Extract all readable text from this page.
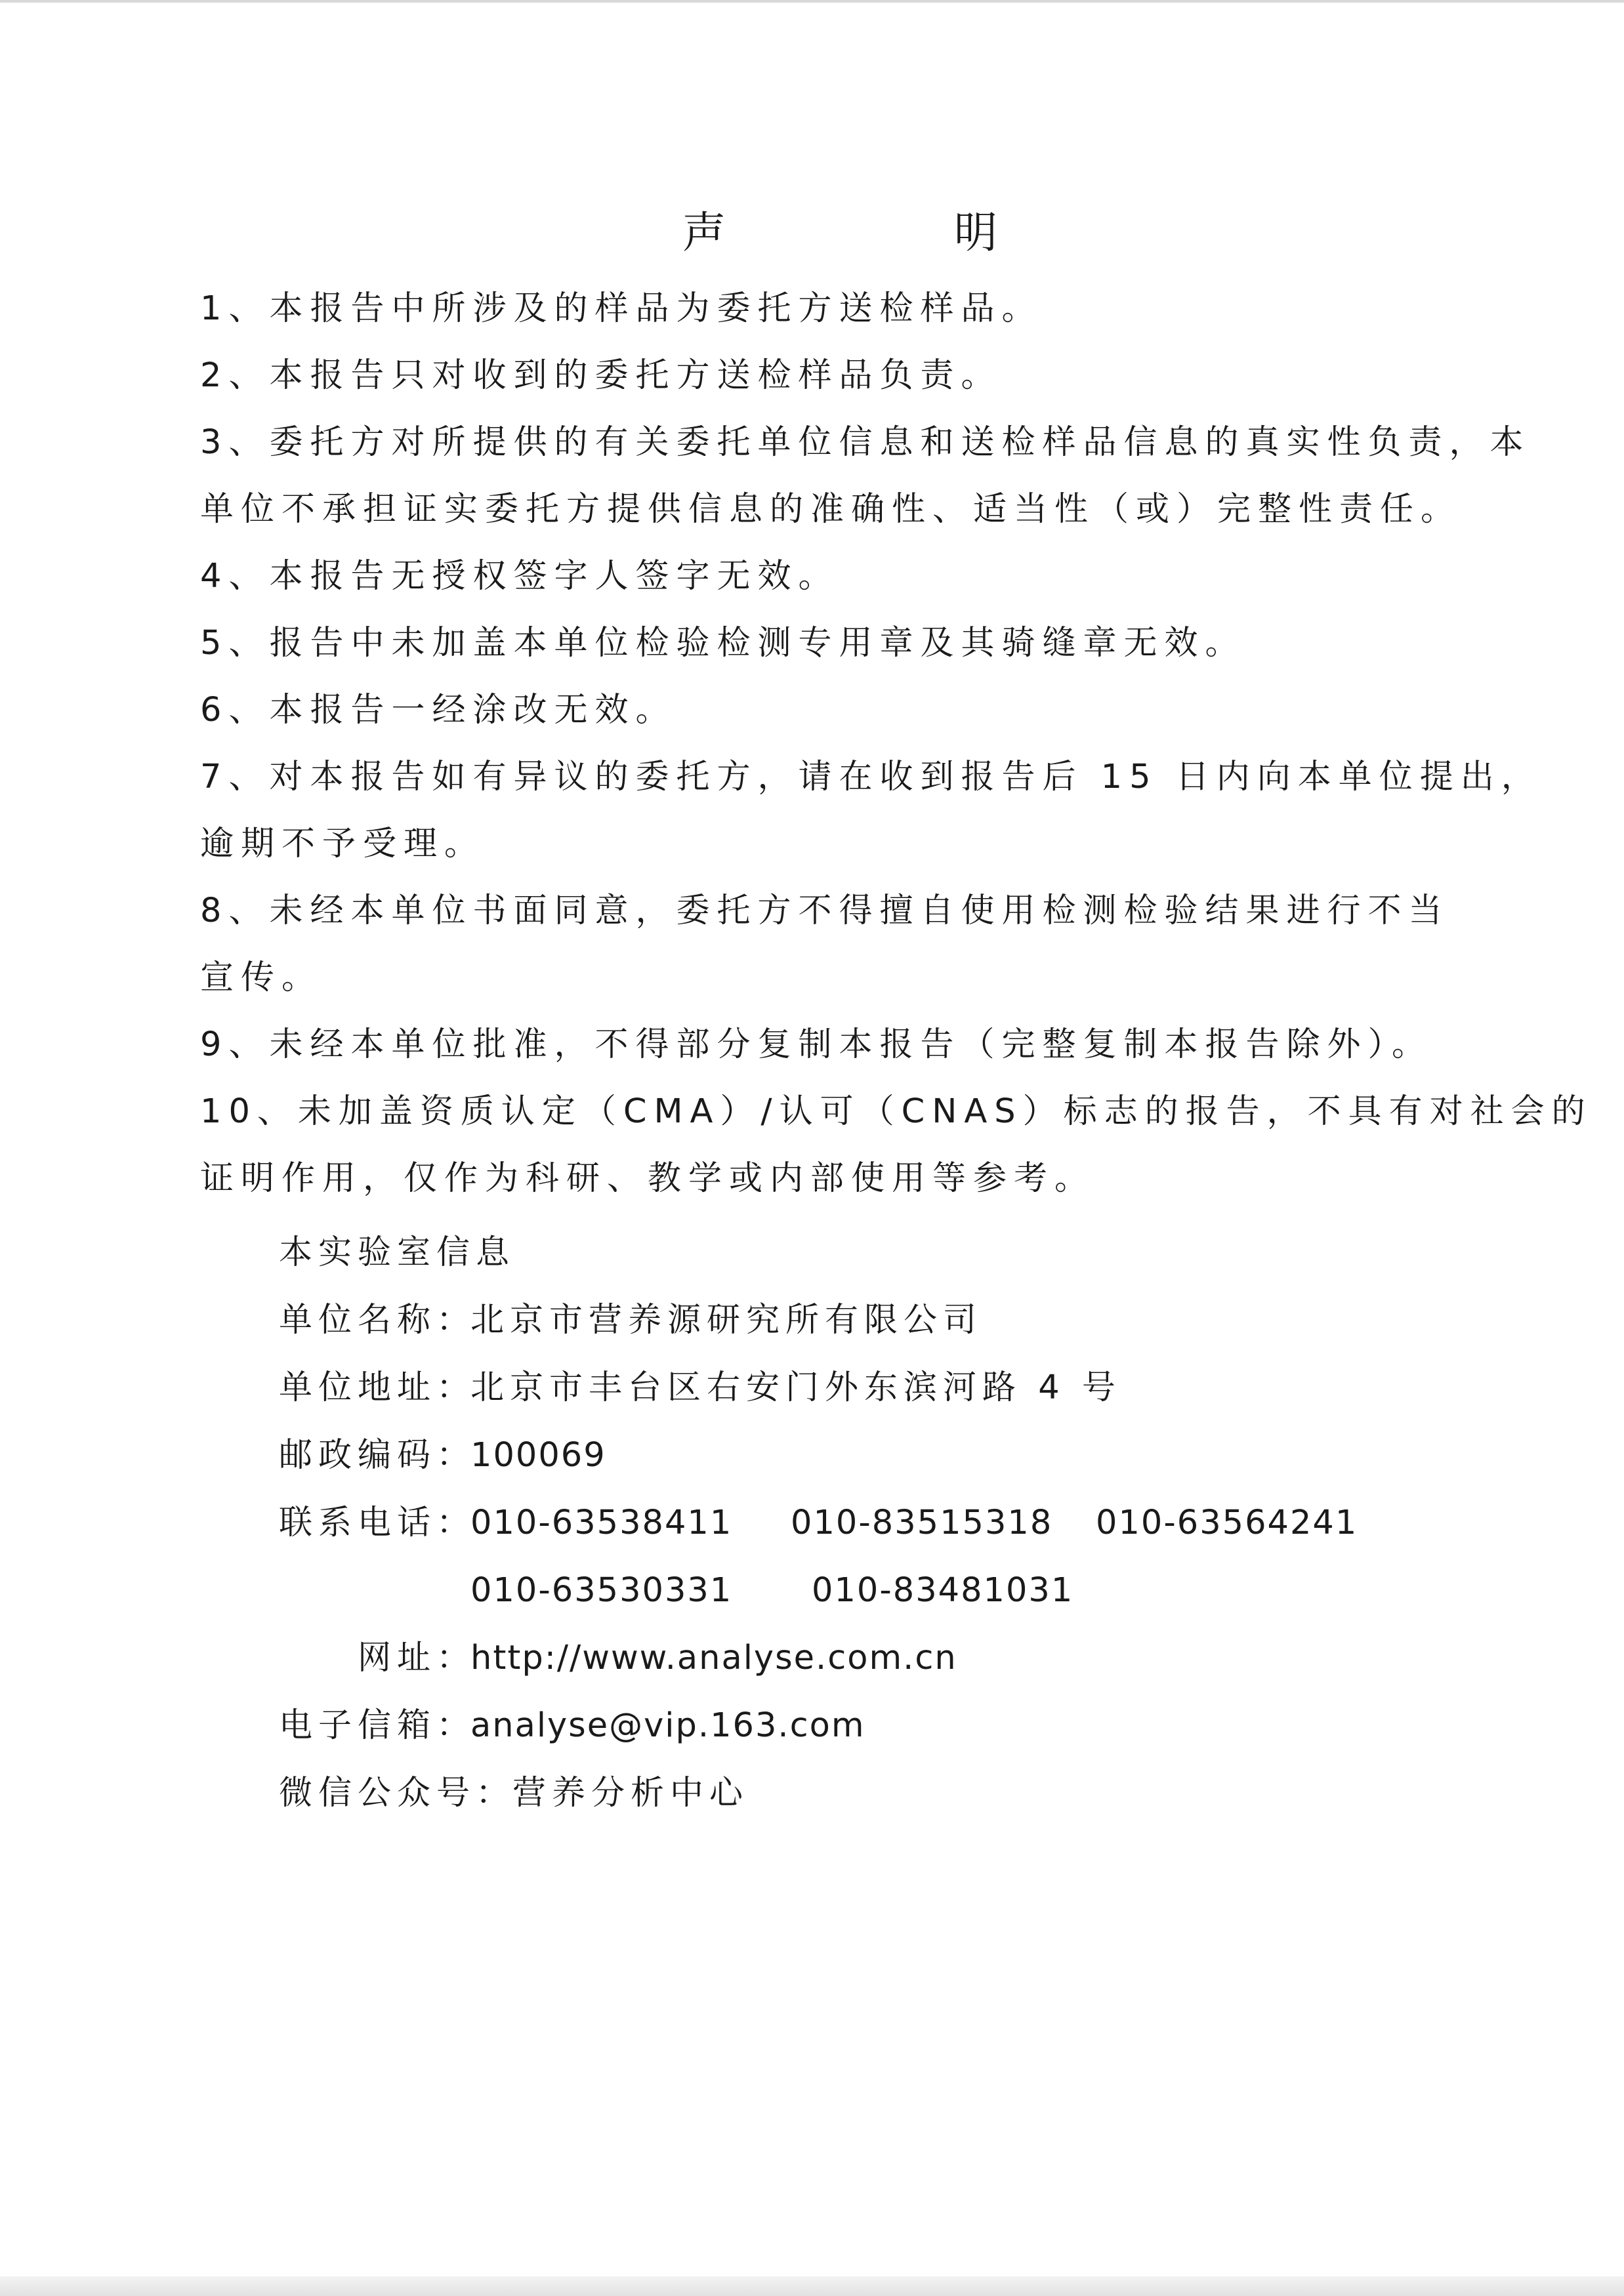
声	明
1、本报告中所涉及的样品为委托方送检样品。
2、本报告只对收到的委托方送检样品负责。
3、委托方对所提供的有关委托单位信息和送检样品信息的真实性负责，本
单位不承担证实委托方提供信息的准确性、适当性（或）完整性责任。
4、本报告无授权签字人签字无效。
5、报告中未加盖本单位检验检测专用章及其骑缝章无效。
6、本报告一经涂改无效。
7、对本报告如有异议的委托方，请在收到报告后 15 日内向本单位提出，
逾期不予受理。
8、未经本单位书面同意，委托方不得擅自使用检测检验结果进行不当
宣传。
9、未经本单位批准，不得部分复制本报告（完整复制本报告除外）。
10、未加盖资质认定（CMA）/认可（CNAS）标志的报告，不具有对社会的
证明作用，仅作为科研、教学或内部使用等参考。
本实验室信息
单位名称：
北京市营养源研究所有限公司
单位地址：
北京市丰台区右安门外东滨河路 4 号
邮政编码：
100069
联系电话：
010-63538411 010-83515318 010-63564241
010-63530331 010-83481031
网址：
http://www.analyse.com.cn
电子信箱：
analyse@vip.163.com
微信公众号：
营养分析中心
